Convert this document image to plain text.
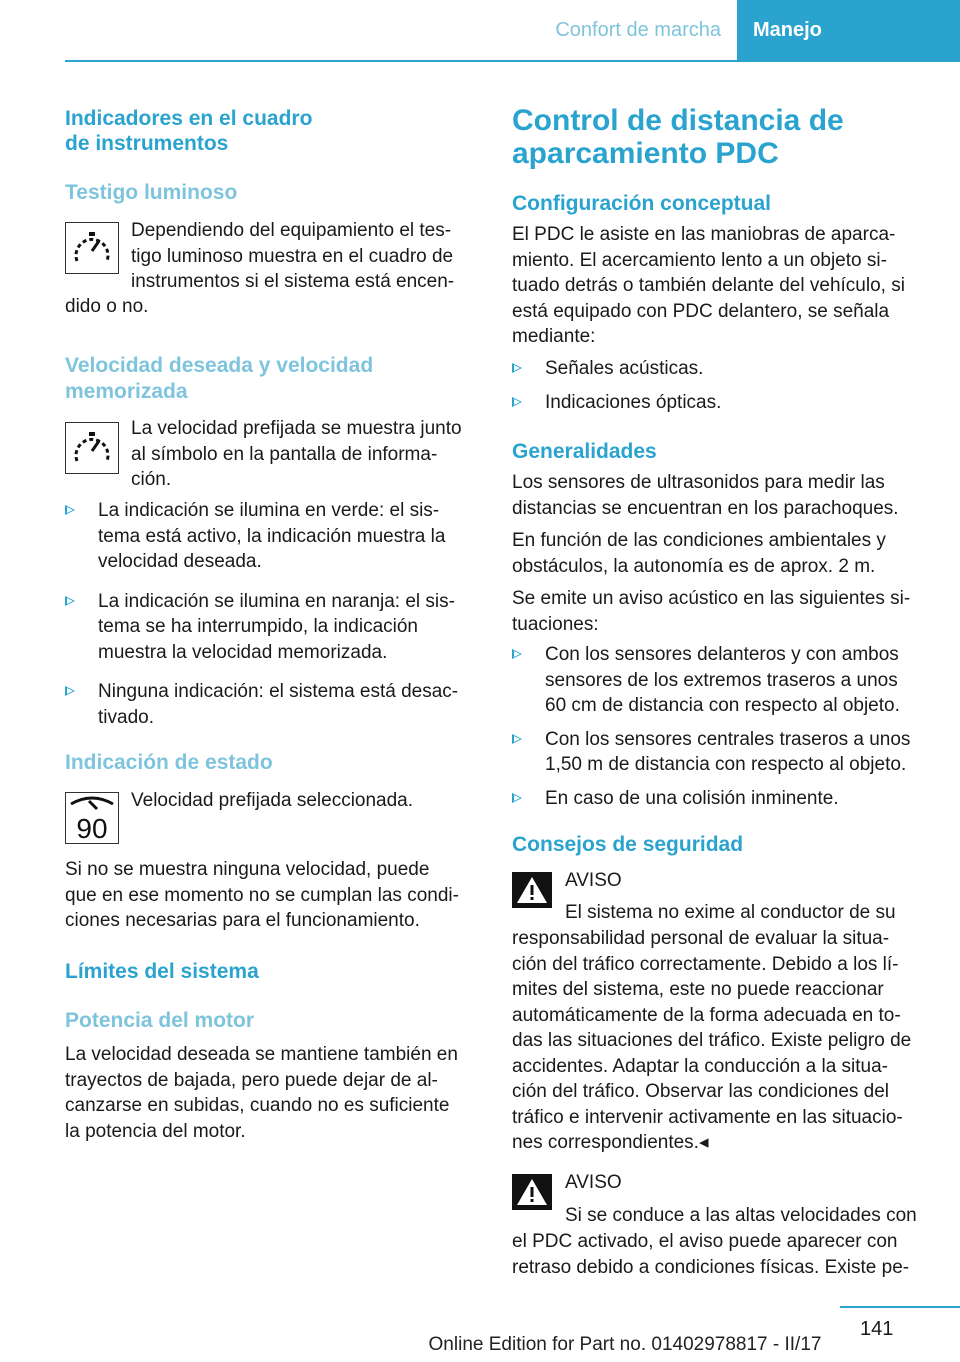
Confort de marcha Manejo
Indicadores en el cuadro
de instrumentos
Testigo luminoso

Dependiendo del equipamiento el tes-
tigo luminoso muestra en el cuadro de
instrumentos si el sistema está encen-

dido o no.

Velocidad deseada y velocidad
memorizada

La velocidad prefijada se muestra junto
al símbolo en la pantalla de informa-
ción.

La indicación se ilumina en verde: el sis-
tema está activo, la indicación muestra la
velocidad deseada.
La indicación se ilumina en naranja: el sis-
tema se ha interrumpido, la indicación
muestra la velocidad memorizada.
Ninguna indicación: el sistema está desac-
tivado.
Indicación de estado
90

Velocidad prefijada seleccionada.

Si no se muestra ninguna velocidad, puede
que en ese momento no se cumplan las condi-
ciones necesarias para el funcionamiento.

Límites del sistema
Potencia del motor

La velocidad deseada se mantiene también en
trayectos de bajada, pero puede dejar de al-
canzarse en subidas, cuando no es suficiente
la potencia del motor.

Control de distancia de
aparcamiento PDC
Configuración conceptual

El PDC le asiste en las maniobras de aparca-
miento. El acercamiento lento a un objeto si-
tuado detrás o también delante del vehículo, si
está equipado con PDC delantero, se señala
mediante:

Señales acústicas.
Indicaciones ópticas.
Generalidades

Los sensores de ultrasonidos para medir las
distancias se encuentran en los parachoques.

En función de las condiciones ambientales y
obstáculos, la autonomía es de aprox. 2 m.

Se emite un aviso acústico en las siguientes si-
tuaciones:

Con los sensores delanteros y con ambos
sensores de los extremos traseros a unos
60 cm de distancia con respecto al objeto.
Con los sensores centrales traseros a unos
1,50 m de distancia con respecto al objeto.
En caso de una colisión inminente.
Consejos de seguridad

AVISO

El sistema no exime al conductor de su

responsabilidad personal de evaluar la situa-
ción del tráfico correctamente. Debido a los lí-
mites del sistema, este no puede reaccionar
automáticamente de la forma adecuada en to-
das las situaciones del tráfico. Existe peligro de
accidentes. Adaptar la conducción a la situa-
ción del tráfico. Observar las condiciones del
tráfico e intervenir activamente en las situacio-
nes correspondientes.◂

AVISO

Si se conduce a las altas velocidades con

el PDC activado, el aviso puede aparecer con
retraso debido a condiciones físicas. Existe pe-

141
Online Edition for Part no. 01402978817 - II/17
